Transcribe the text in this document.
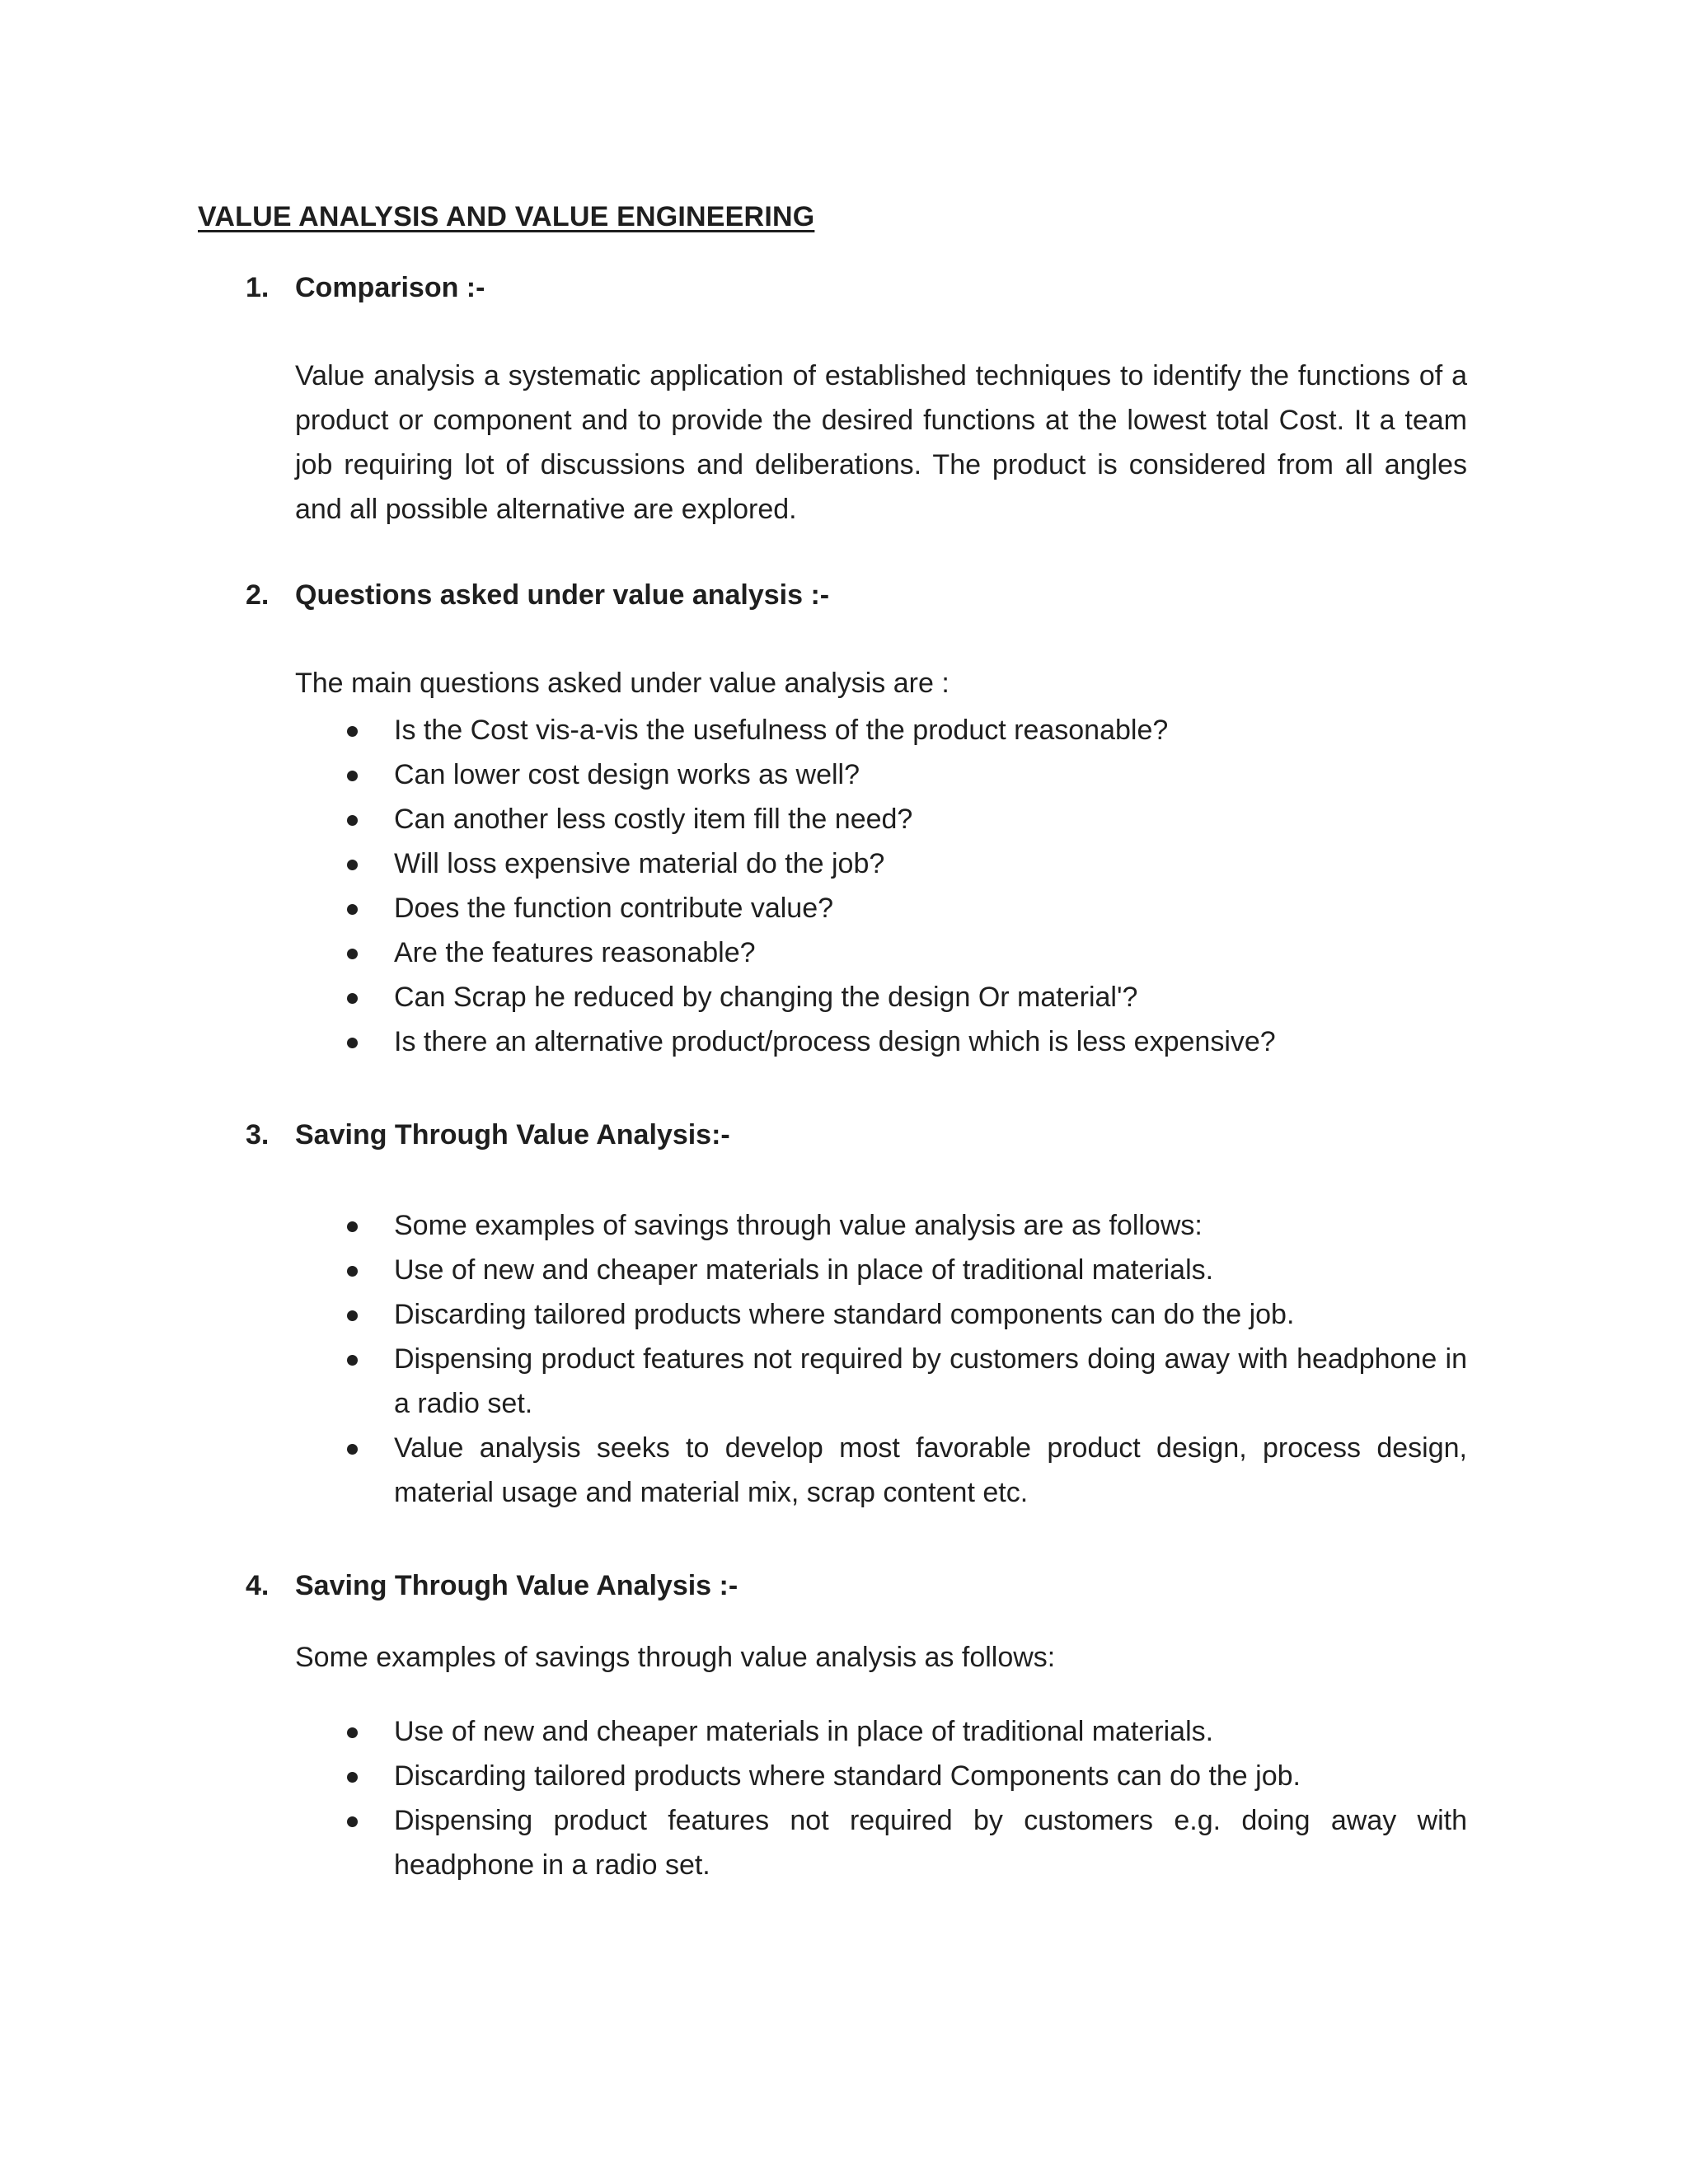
VALUE ANALYSIS AND VALUE ENGINEERING
1. Comparison :-
Value analysis a systematic application of established techniques to identify the functions of a product or component and to provide the desired functions at the lowest total Cost. It a team job requiring lot of discussions and deliberations. The product is considered from all angles and all possible alternative are explored.
2. Questions asked under value analysis :-
The main questions asked under value analysis are :
Is the Cost vis-a-vis the usefulness of the product reasonable?
Can lower cost design works as well?
Can another less costly item fill the need?
Will loss expensive material do the job?
Does the function contribute value?
Are the features reasonable?
Can Scrap he reduced by changing the design Or material'?
Is there an alternative product/process design which is less expensive?
3. Saving Through Value Analysis:-
Some examples of savings through value analysis are as follows:
Use of new and cheaper materials in place of traditional materials.
Discarding tailored products where standard components can do the job.
Dispensing product features not required by customers doing away with headphone in a radio set.
Value analysis seeks to develop most favorable product design, process design, material usage and material mix, scrap content etc.
4. Saving Through Value Analysis :-
Some examples of savings through value analysis as follows:
Use of new and cheaper materials in place of traditional materials.
Discarding tailored products where standard Components can do the job.
Dispensing product features not required by customers e.g. doing away with headphone in a radio set.
